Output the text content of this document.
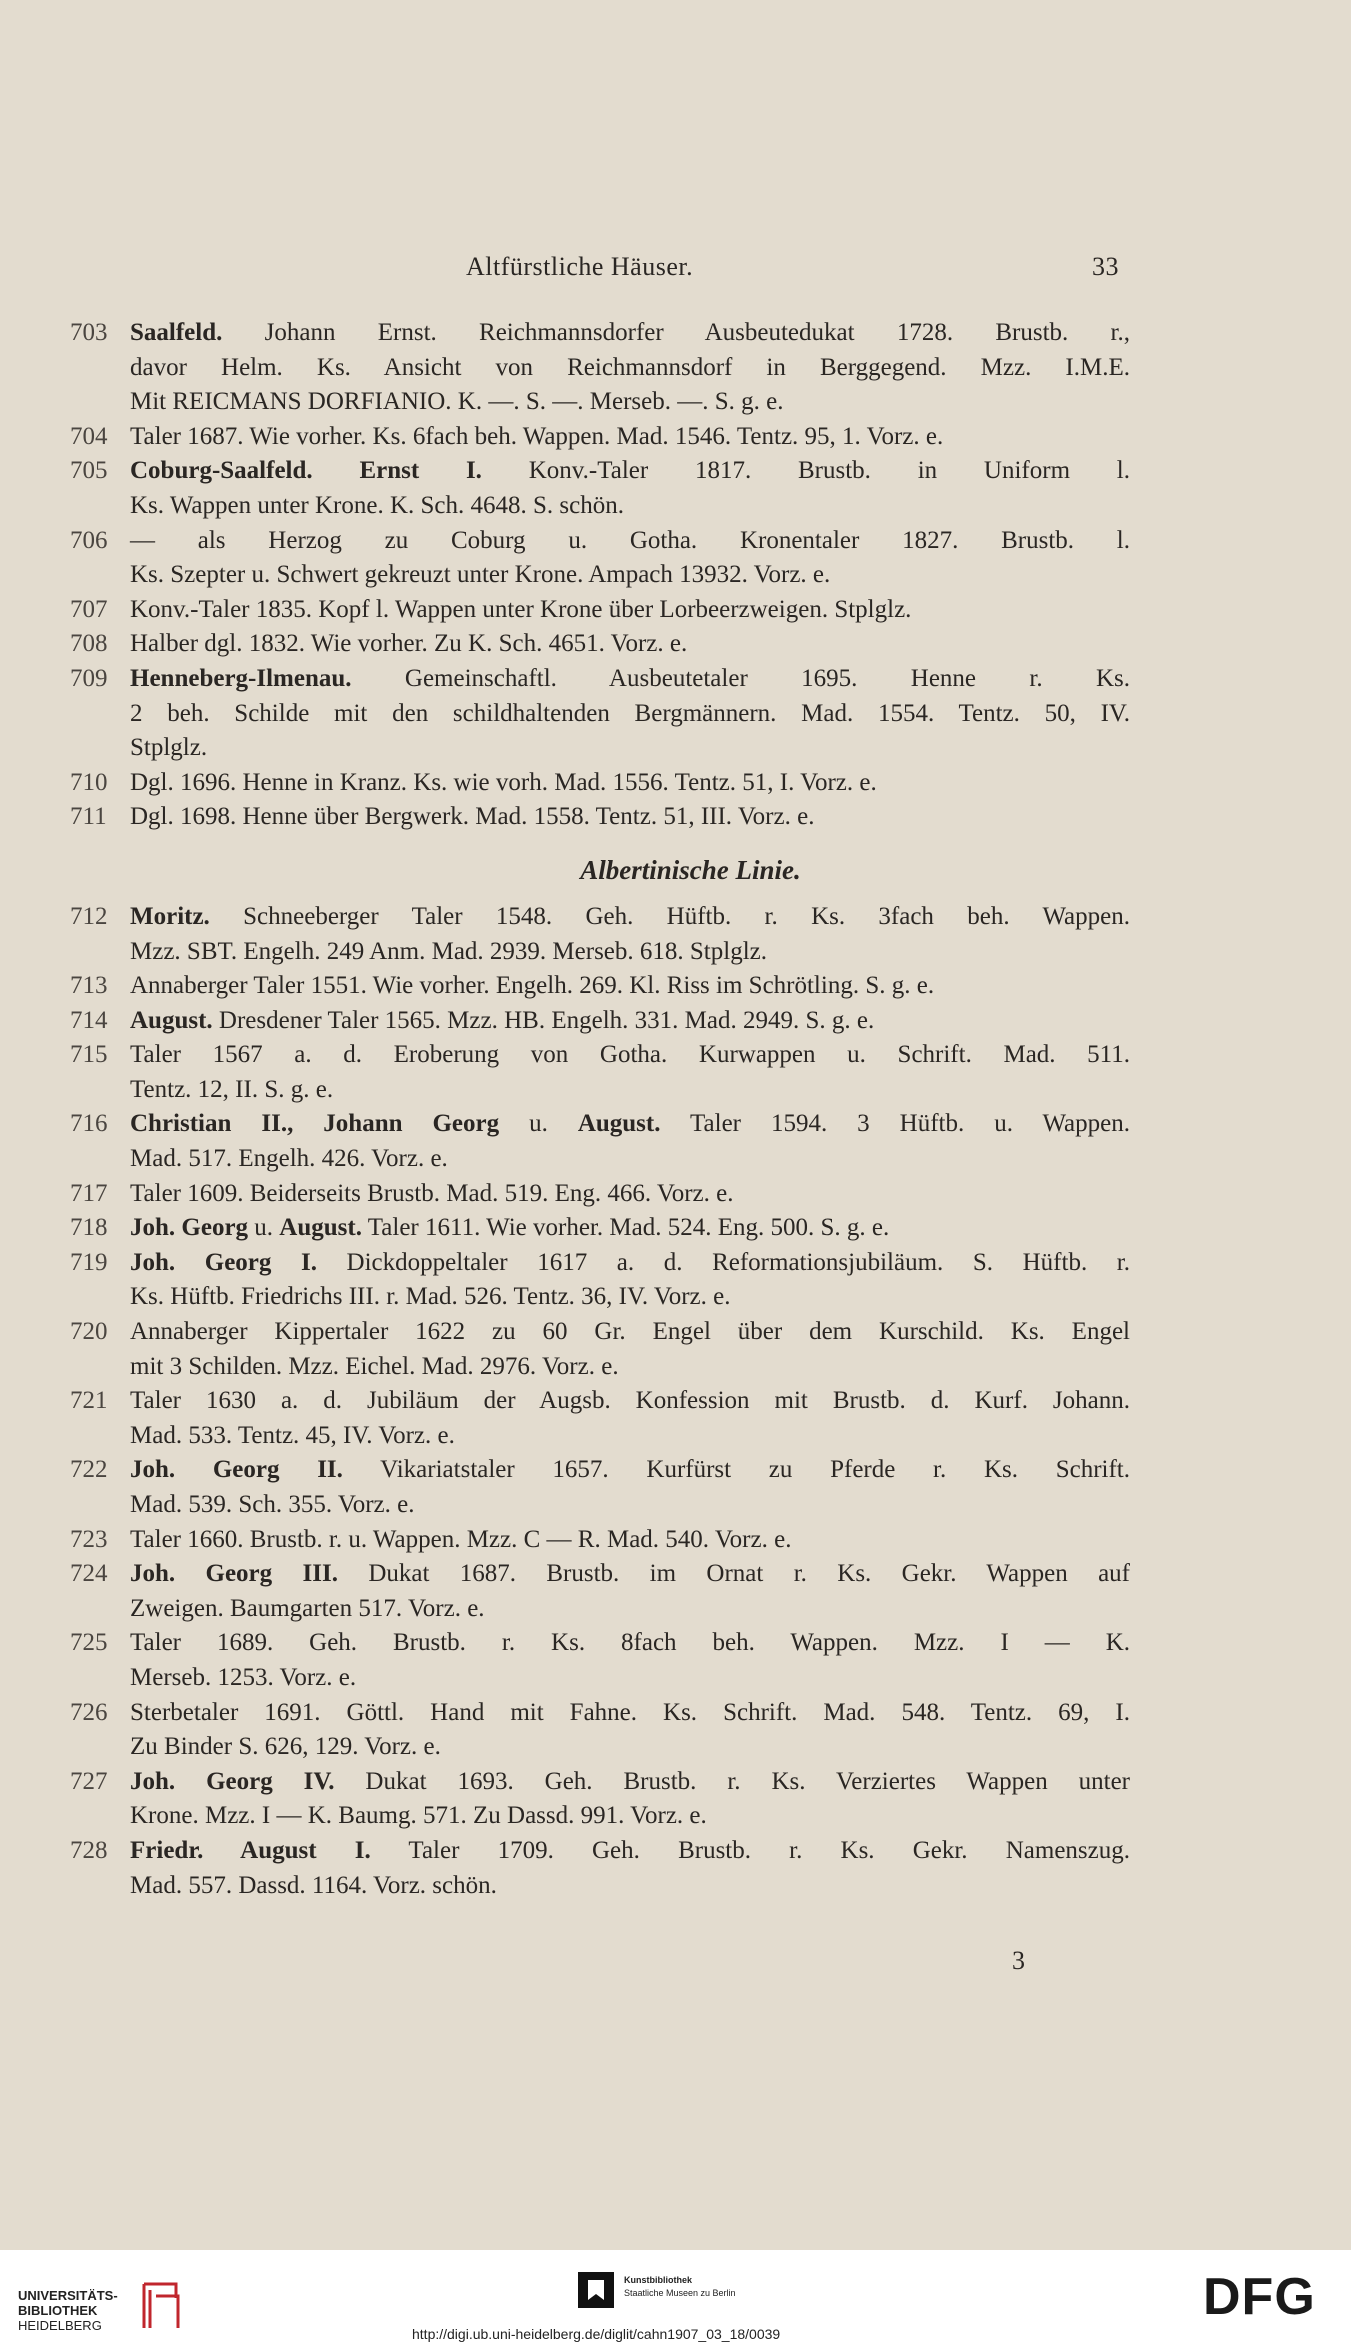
Altfürstliche Häuser.	33
703 Saalfeld. Johann Ernst. Reichmannsdorfer Ausbeutedukat 1728. Brustb. r.,
davor Helm. Ks. Ansicht von Reichmannsdorf in Berggegend. Mzz. I.M.E.
Mit REICMANS DORFIANIO. K. —. S. —. Merseb. —. S. g. e.
704 Taler 1687. Wie vorher. Ks. 6fach beh. Wappen. Mad. 1546. Tentz. 95, 1. Vorz. e.
705 Coburg-Saalfeld. Ernst I. Konv.-Taler 1817. Brustb. in Uniform l.
Ks. Wappen unter Krone. K. Sch. 4648. S. schön.
706 — als Herzog zu Coburg u. Gotha. Kronentaler 1827. Brustb. l.
Ks. Szepter u. Schwert gekreuzt unter Krone. Ampach 13932. Vorz. e.
707 Konv.-Taler 1835. Kopf l. Wappen unter Krone über Lorbeerzweigen. Stplglz.
708 Halber dgl. 1832. Wie vorher. Zu K. Sch. 4651. Vorz. e.
709 Henneberg-Ilmenau. Gemeinschaftl. Ausbeutetaler 1695. Henne r. Ks.
2 beh. Schilde mit den schildhaltenden Bergmännern. Mad. 1554. Tentz. 50, IV.
Stplglz.
710 Dgl. 1696. Henne in Kranz. Ks. wie vorh. Mad. 1556. Tentz. 51, I. Vorz. e.
711 Dgl. 1698. Henne über Bergwerk. Mad. 1558. Tentz. 51, III. Vorz. e.
Albertinische Linie.
712 Moritz. Schneeberger Taler 1548. Geh. Hüftb. r. Ks. 3fach beh. Wappen.
Mzz. SBT. Engelh. 249 Anm. Mad. 2939. Merseb. 618. Stplglz.
713 Annaberger Taler 1551. Wie vorher. Engelh. 269. Kl. Riss im Schrötling. S. g. e.
714 August. Dresdener Taler 1565. Mzz. HB. Engelh. 331. Mad. 2949. S. g. e.
715 Taler 1567 a. d. Eroberung von Gotha. Kurwappen u. Schrift. Mad. 511.
Tentz. 12, II. S. g. e.
716 Christian II., Johann Georg u. August. Taler 1594. 3 Hüftb. u. Wappen.
Mad. 517. Engelh. 426. Vorz. e.
717 Taler 1609. Beiderseits Brustb. Mad. 519. Eng. 466. Vorz. e.
718 Joh. Georg u. August. Taler 1611. Wie vorher. Mad. 524. Eng. 500. S. g. e.
719 Joh. Georg I. Dickdoppeltaler 1617 a. d. Reformationsjubiläum. S. Hüftb. r.
Ks. Hüftb. Friedrichs III. r. Mad. 526. Tentz. 36, IV. Vorz. e.
720 Annaberger Kippertaler 1622 zu 60 Gr. Engel über dem Kurschild. Ks. Engel
mit 3 Schilden. Mzz. Eichel. Mad. 2976. Vorz. e.
721 Taler 1630 a. d. Jubiläum der Augsb. Konfession mit Brustb. d. Kurf. Johann.
Mad. 533. Tentz. 45, IV. Vorz. e.
722 Joh. Georg II. Vikariatstaler 1657. Kurfürst zu Pferde r. Ks. Schrift.
Mad. 539. Sch. 355. Vorz. e.
723 Taler 1660. Brustb. r. u. Wappen. Mzz. C — R. Mad. 540. Vorz. e.
724 Joh. Georg III. Dukat 1687. Brustb. im Ornat r. Ks. Gekr. Wappen auf
Zweigen. Baumgarten 517. Vorz. e.
725 Taler 1689. Geh. Brustb. r. Ks. 8fach beh. Wappen. Mzz. I — K.
Merseb. 1253. Vorz. e.
726 Sterbetaler 1691. Göttl. Hand mit Fahne. Ks. Schrift. Mad. 548. Tentz. 69, I.
Zu Binder S. 626, 129. Vorz. e.
727 Joh. Georg IV. Dukat 1693. Geh. Brustb. r. Ks. Verziertes Wappen unter
Krone. Mzz. I — K. Baumg. 571. Zu Dassd. 991. Vorz. e.
728 Friedr. August I. Taler 1709. Geh. Brustb. r. Ks. Gekr. Namenszug.
Mad. 557. Dassd. 1164. Vorz. schön.
3
UNIVERSITÄTS-
BIBLIOTHEK
HEIDELBERG
Kunstbibliothek
Staatliche Museen zu Berlin	DFG
http://digi.ub.uni-heidelberg.de/diglit/cahn1907_03_18/0039
